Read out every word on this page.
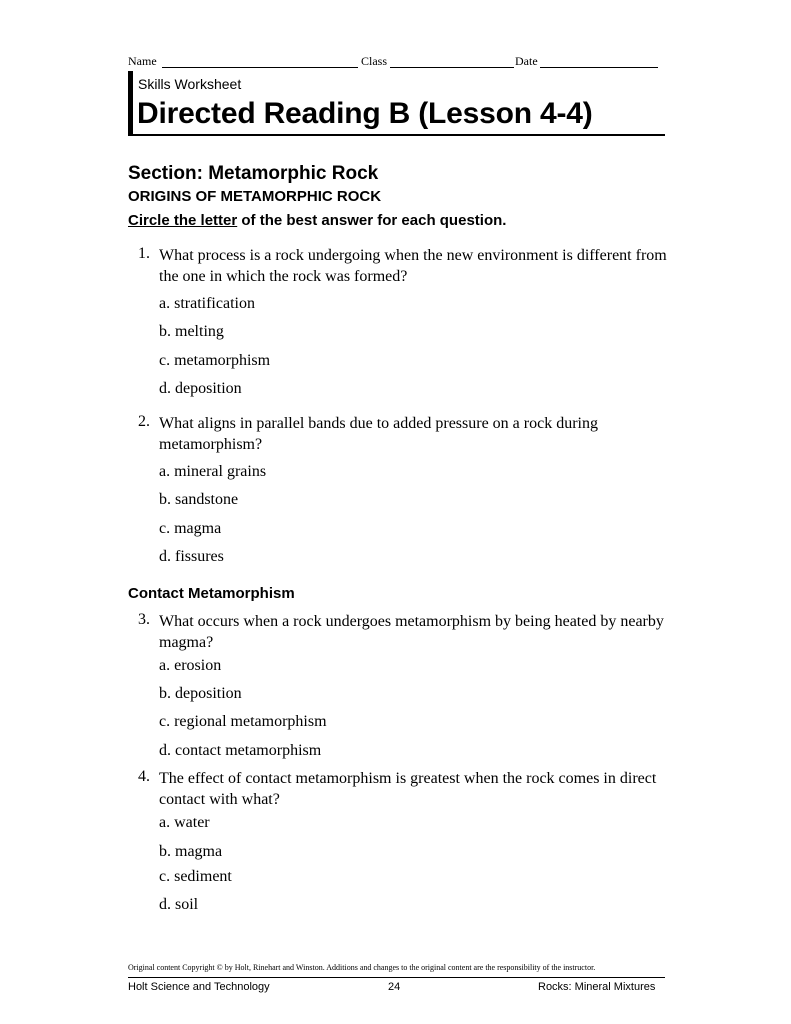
Name	Class	Date
Skills Worksheet
Directed Reading B (Lesson 4-4)
Section: Metamorphic Rock
ORIGINS OF METAMORPHIC ROCK
Circle the letter of the best answer for each question.
1. What process is a rock undergoing when the new environment is different from the one in which the rock was formed?
a. stratification
b. melting
c. metamorphism
d. deposition
2. What aligns in parallel bands due to added pressure on a rock during metamorphism?
a. mineral grains
b. sandstone
c. magma
d. fissures
Contact Metamorphism
3. What occurs when a rock undergoes metamorphism by being heated by nearby magma?
a. erosion
b. deposition
c. regional metamorphism
d. contact metamorphism
4. The effect of contact metamorphism is greatest when the rock comes in direct contact with what?
a. water
b. magma
c. sediment
d. soil
Original content Copyright © by Holt, Rinehart and Winston. Additions and changes to the original content are the responsibility of the instructor.
Holt Science and Technology	24	Rocks: Mineral Mixtures
